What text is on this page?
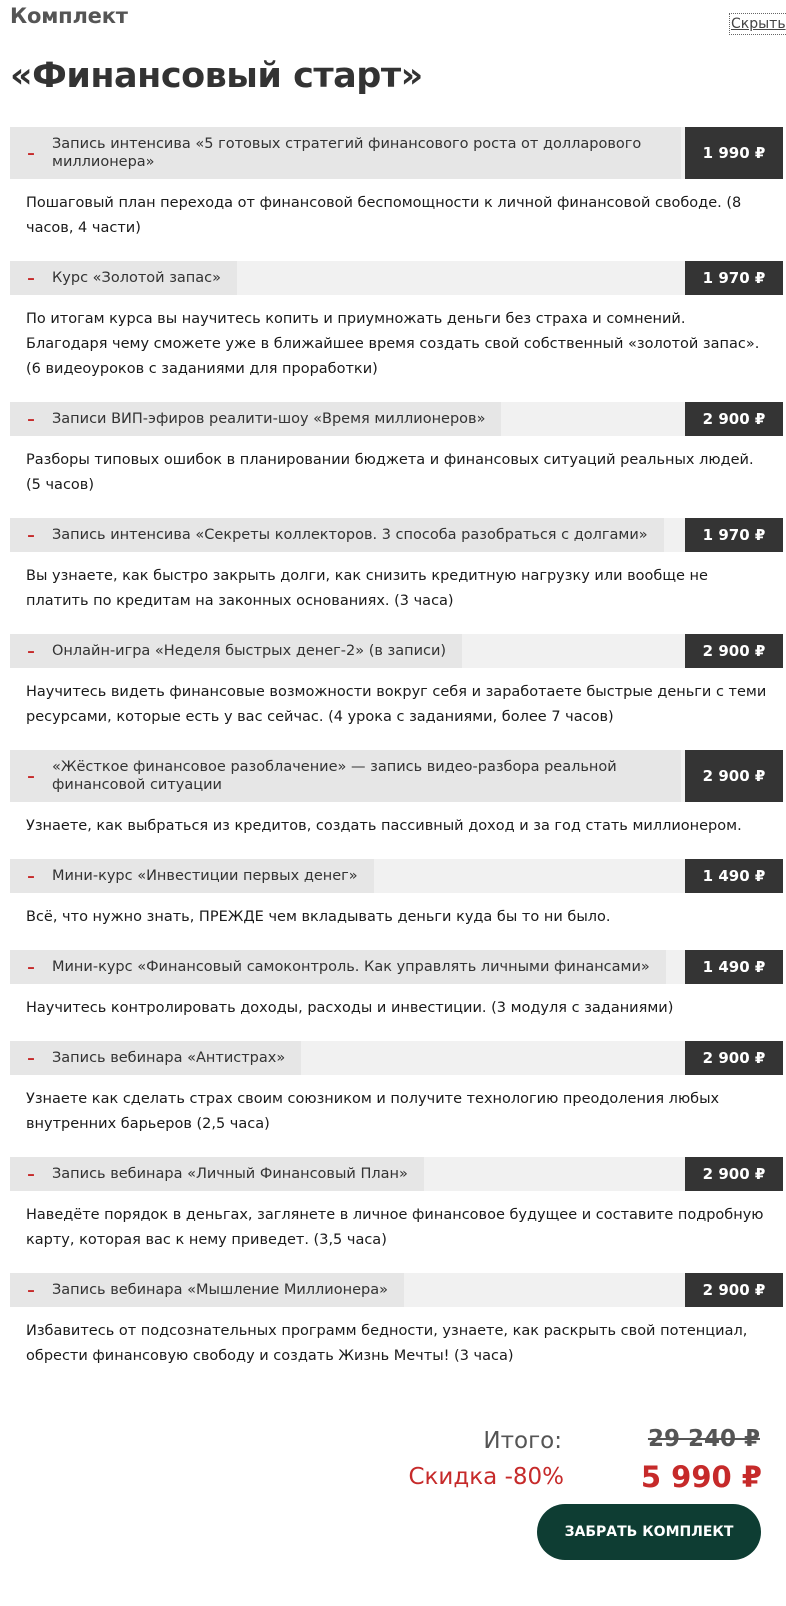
Комплект	Скрыть
«Финансовый старт»
–	Запись интенсива «5 готовых стратегий финансового роста от долларового миллионера»	1 990 ₽

Пошаговый план перехода от финансовой беспомощности к личной финансовой свободе. (8 часов, 4 части)

–	Курс «Золотой запас»	1 970 ₽

По итогам курса вы научитесь копить и приумножать деньги без страха и сомнений. Благодаря чему сможете уже в ближайшее время создать свой собственный «золотой запас». (6 видеоуроков с заданиями для проработки)

–	Записи ВИП-эфиров реалити-шоу «Время миллионеров»	2 900 ₽

Разборы типовых ошибок в планировании бюджета и финансовых ситуаций реальных людей. (5 часов)

–	Запись интенсива «Секреты коллекторов. 3 способа разобраться с долгами»	1 970 ₽

Вы узнаете, как быстро закрыть долги, как снизить кредитную нагрузку или вообще не платить по кредитам на законных основаниях. (3 часа)

–	Онлайн-игра «Неделя быстрых денег-2» (в записи)	2 900 ₽

Научитесь видеть финансовые возможности вокруг себя и заработаете быстрые деньги с теми ресурсами, которые есть у вас сейчас. (4 урока с заданиями, более 7 часов)

–	«Жёсткое финансовое разоблачение» — запись видео-разбора реальной финансовой ситуации	2 900 ₽

Узнаете, как выбраться из кредитов, создать пассивный доход и за год стать миллионером.

–	Мини-курс «Инвестиции первых денег»	1 490 ₽

Всё, что нужно знать, ПРЕЖДЕ чем вкладывать деньги куда бы то ни было.

–	Мини-курс «Финансовый самоконтроль. Как управлять личными финансами»	1 490 ₽

Научитесь контролировать доходы, расходы и инвестиции. (3 модуля с заданиями)

–	Запись вебинара «Антистрах»	2 900 ₽

Узнаете как сделать страх своим союзником и получите технологию преодоления любых внутренних барьеров (2,5 часа)

–	Запись вебинара «Личный Финансовый План»	2 900 ₽

Наведёте порядок в деньгах, заглянете в личное финансовое будущее и составите подробную карту, которая вас к нему приведет. (3,5 часа)

–	Запись вебинара «Мышление Миллионера»	2 900 ₽

Избавитесь от подсознательных программ бедности, узнаете, как раскрыть свой потенциал, обрести финансовую свободу и создать Жизнь Мечты! (3 часа)

Итого:	29 240 ₽
Скидка -80%	5 990 ₽
ЗАБРАТЬ КОМПЛЕКТ
